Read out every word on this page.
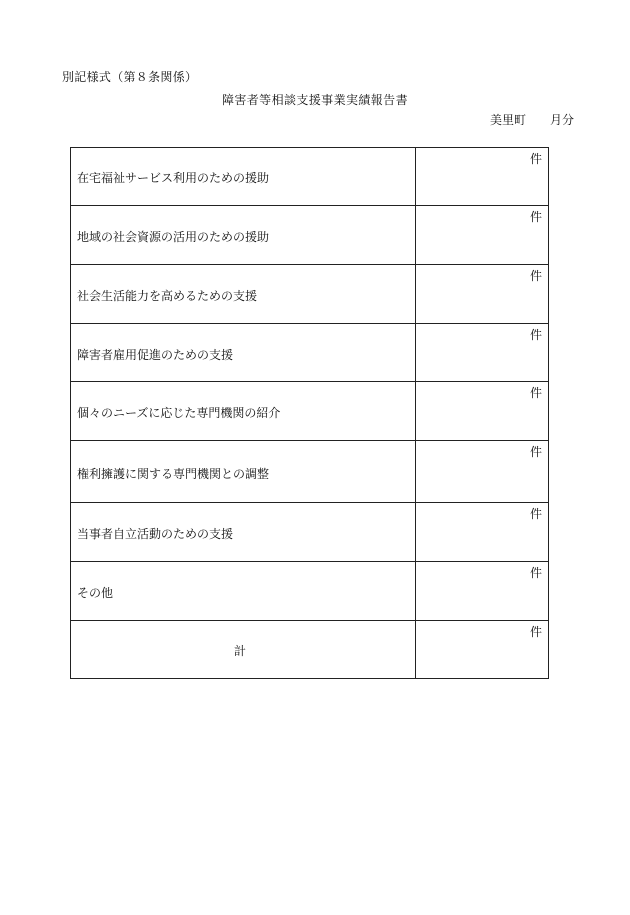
別記様式（第８条関係）
障害者等相談支援事業実績報告書
美里町 月分
在宅福祉サービス利用のための援助	件

地域の社会資源の活用のための援助	件

社会生活能力を高めるための支援	件

障害者雇用促進のための支援	件

個々のニーズに応じた専門機関の紹介	件

権利擁護に関する専門機関との調整	件

当事者自立活動のための支援	件

その他	件

計	件
